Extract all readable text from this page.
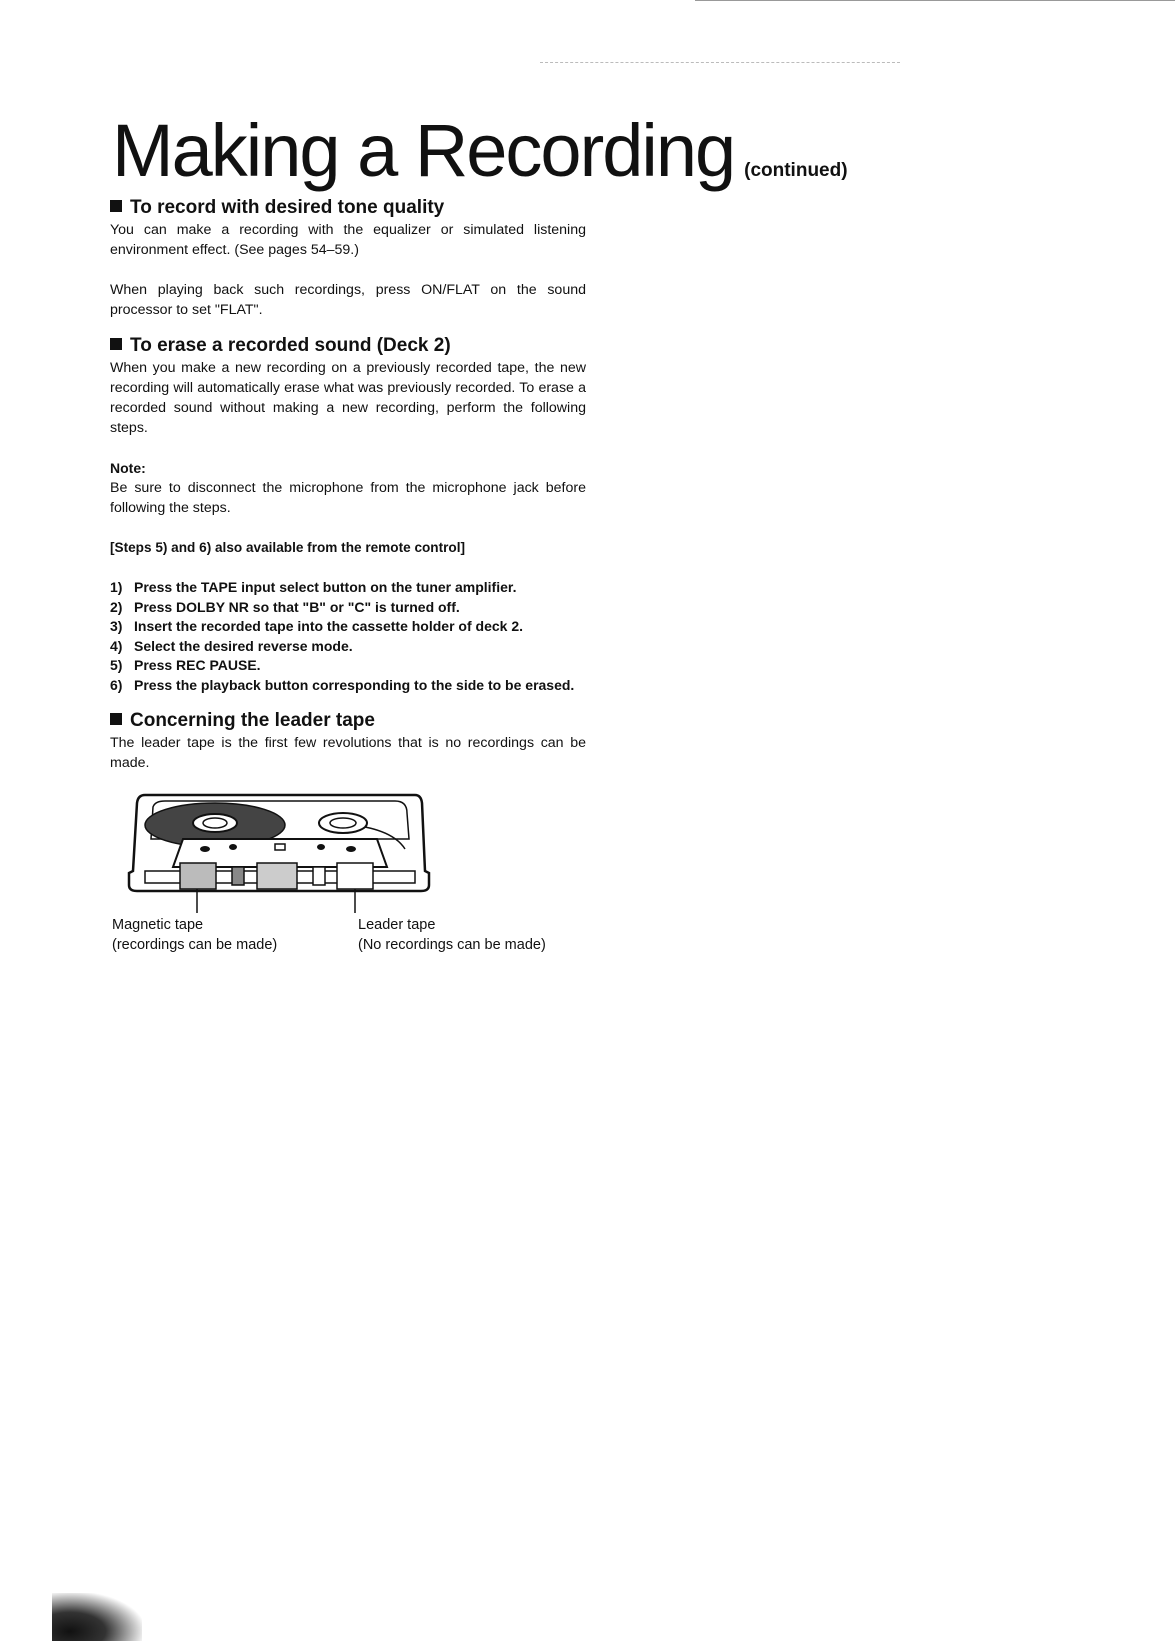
Making a Recording (continued)
To record with desired tone quality

You can make a recording with the equalizer or simulated listening environment effect. (See pages 54–59.)

When playing back such recordings, press ON/FLAT on the sound processor to set "FLAT".

To erase a recorded sound (Deck 2)

When you make a new recording on a previously recorded tape, the new recording will automatically erase what was previously recorded. To erase a recorded sound without making a new recording, perform the following steps.

Note:

Be sure to disconnect the microphone from the microphone jack before following the steps.

[Steps 5) and 6) also available from the remote control]
1) Press the TAPE input select button on the tuner amplifier.
2) Press DOLBY NR so that "B" or "C" is turned off.
3) Insert the recorded tape into the cassette holder of deck 2.
4) Select the desired reverse mode.
5) Press REC PAUSE.
6) Press the playback button corresponding to the side to be erased.
Concerning the leader tape

The leader tape is the first few revolutions that is no recordings can be made.

Magnetic tape
(recordings can be made)
Leader tape
(No recordings can be made)
